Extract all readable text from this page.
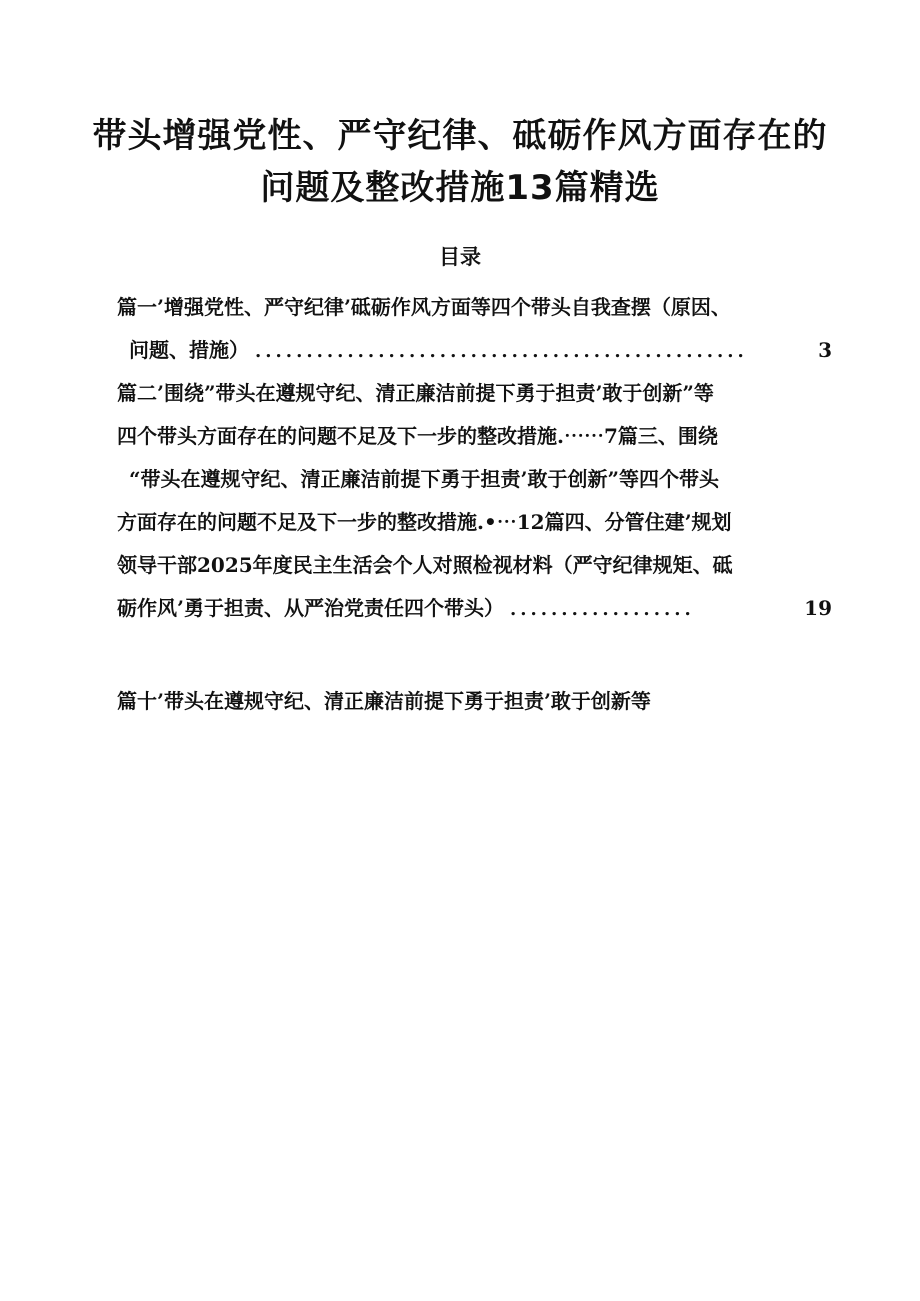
带头增强党性、严守纪律、砥砺作风方面存在的
问题及整改措施13篇精选
目录
篇一’增强党性、严守纪律’砥砺作风方面等四个带头自我查摆（原因、
问题、措施） ................................................	3
篇二’围绕”带头在遵规守纪、清正廉洁前提下勇于担责’敢于创新”等
四个带头方面存在的问题不足及下一步的整改措施.⋯⋯7篇三、围绕
“带头在遵规守纪、清正廉洁前提下勇于担责’敢于创新”等四个带头
方面存在的问题不足及下一步的整改措施.•⋯12篇四、分管住建’规划
领导干部2025年度民主生活会个人对照检视材料（严守纪律规矩、砥
砺作风’勇于担责、从严治党责任四个带头） ..................	19
篇十’带头在遵规守纪、清正廉洁前提下勇于担责’敢于创新等
